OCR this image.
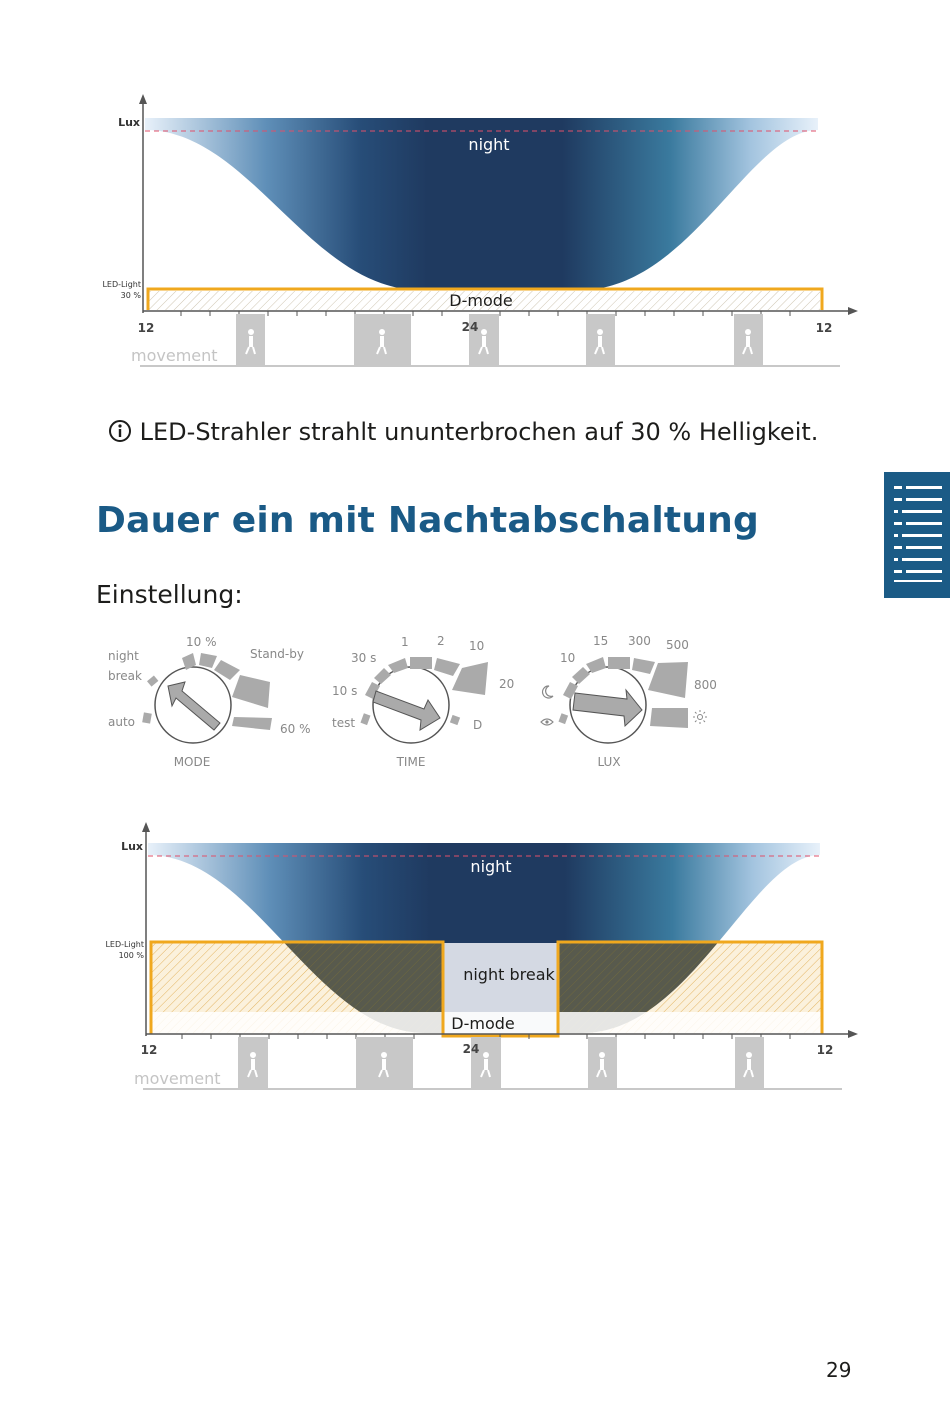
Lux
LED-Light
30 %
night
D-mode
12	24	12
movement
LED-Strahler strahlt ununterbrochen auf 30 % Helligkeit.
Dauer ein mit Nachtabschaltung
Einstellung:
night
break
10 %
Stand-by
auto	60 %
MODE
30 s
1 2 10
10 s	20
test	D
TIME
15 300 500
10
800
LUX
Lux
LED-Light
100 %
night
night break
D-mode
12	24	12
movement
29
